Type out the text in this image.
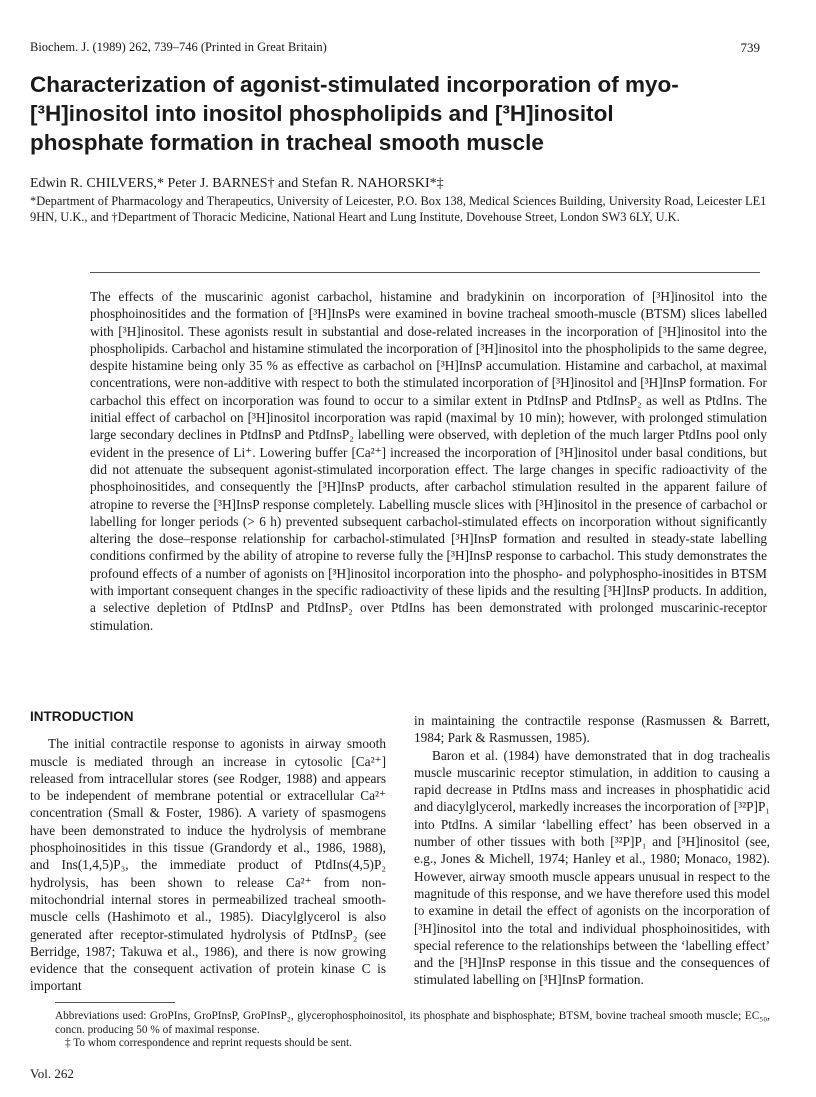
Biochem. J. (1989) 262, 739–746 (Printed in Great Britain)	739
Characterization of agonist-stimulated incorporation of myo-[³H]inositol into inositol phospholipids and [³H]inositol phosphate formation in tracheal smooth muscle
Edwin R. CHILVERS,* Peter J. BARNES† and Stefan R. NAHORSKI*‡
*Department of Pharmacology and Therapeutics, University of Leicester, P.O. Box 138, Medical Sciences Building, University Road, Leicester LE1 9HN, U.K., and †Department of Thoracic Medicine, National Heart and Lung Institute, Dovehouse Street, London SW3 6LY, U.K.
The effects of the muscarinic agonist carbachol, histamine and bradykinin on incorporation of [³H]inositol into the phosphoinositides and the formation of [³H]InsPs were examined in bovine tracheal smooth-muscle (BTSM) slices labelled with [³H]inositol. These agonists result in substantial and dose-related increases in the incorporation of [³H]inositol into the phospholipids. Carbachol and histamine stimulated the incorporation of [³H]inositol into the phospholipids to the same degree, despite histamine being only 35 % as effective as carbachol on [³H]InsP accumulation. Histamine and carbachol, at maximal concentrations, were non-additive with respect to both the stimulated incorporation of [³H]inositol and [³H]InsP formation. For carbachol this effect on incorporation was found to occur to a similar extent in PtdInsP and PtdInsP₂ as well as PtdIns. The initial effect of carbachol on [³H]inositol incorporation was rapid (maximal by 10 min); however, with prolonged stimulation large secondary declines in PtdInsP and PtdInsP₂ labelling were observed, with depletion of the much larger PtdIns pool only evident in the presence of Li⁺. Lowering buffer [Ca²⁺] increased the incorporation of [³H]inositol under basal conditions, but did not attenuate the subsequent agonist-stimulated incorporation effect. The large changes in specific radioactivity of the phosphoinositides, and consequently the [³H]InsP products, after carbachol stimulation resulted in the apparent failure of atropine to reverse the [³H]InsP response completely. Labelling muscle slices with [³H]inositol in the presence of carbachol or labelling for longer periods (> 6 h) prevented subsequent carbachol-stimulated effects on incorporation without significantly altering the dose–response relationship for carbachol-stimulated [³H]InsP formation and resulted in steady-state labelling conditions confirmed by the ability of atropine to reverse fully the [³H]InsP response to carbachol. This study demonstrates the profound effects of a number of agonists on [³H]inositol incorporation into the phospho- and polyphospho-inositides in BTSM with important consequent changes in the specific radioactivity of these lipids and the resulting [³H]InsP products. In addition, a selective depletion of PtdInsP and PtdInsP₂ over PtdIns has been demonstrated with prolonged muscarinic-receptor stimulation.
INTRODUCTION

The initial contractile response to agonists in airway smooth muscle is mediated through an increase in cytosolic [Ca²⁺] released from intracellular stores (see Rodger, 1988) and appears to be independent of membrane potential or extracellular Ca²⁺ concentration (Small & Foster, 1986). A variety of spasmogens have been demonstrated to induce the hydrolysis of membrane phosphoinositides in this tissue (Grandordy et al., 1986, 1988), and Ins(1,4,5)P₃, the immediate product of PtdIns(4,5)P₂ hydrolysis, has been shown to release Ca²⁺ from non-mitochondrial internal stores in permeabilized tracheal smooth-muscle cells (Hashimoto et al., 1985). Diacylglycerol is also generated after receptor-stimulated hydrolysis of PtdInsP₂ (see Berridge, 1987; Takuwa et al., 1986), and there is now growing evidence that the consequent activation of protein kinase C is important

in maintaining the contractile response (Rasmussen & Barrett, 1984; Park & Rasmussen, 1985).

Baron et al. (1984) have demonstrated that in dog trachealis muscle muscarinic receptor stimulation, in addition to causing a rapid decrease in PtdIns mass and increases in phosphatidic acid and diacylglycerol, markedly increases the incorporation of [³²P]P₁ into PtdIns. A similar ‘labelling effect’ has been observed in a number of other tissues with both [³²P]P₁ and [³H]inositol (see, e.g., Jones & Michell, 1974; Hanley et al., 1980; Monaco, 1982). However, airway smooth muscle appears unusual in respect to the magnitude of this response, and we have therefore used this model to examine in detail the effect of agonists on the incorporation of [³H]inositol into the total and individual phosphoinositides, with special reference to the relationships between the ‘labelling effect’ and the [³H]InsP response in this tissue and the consequences of stimulated labelling on [³H]InsP formation.

Abbreviations used: GroPIns, GroPInsP, GroPInsP₂, glycerophosphoinositol, its phosphate and bisphosphate; BTSM, bovine tracheal smooth muscle; EC₅₀, concn. producing 50 % of maximal response.

‡ To whom correspondence and reprint requests should be sent.

Vol. 262
